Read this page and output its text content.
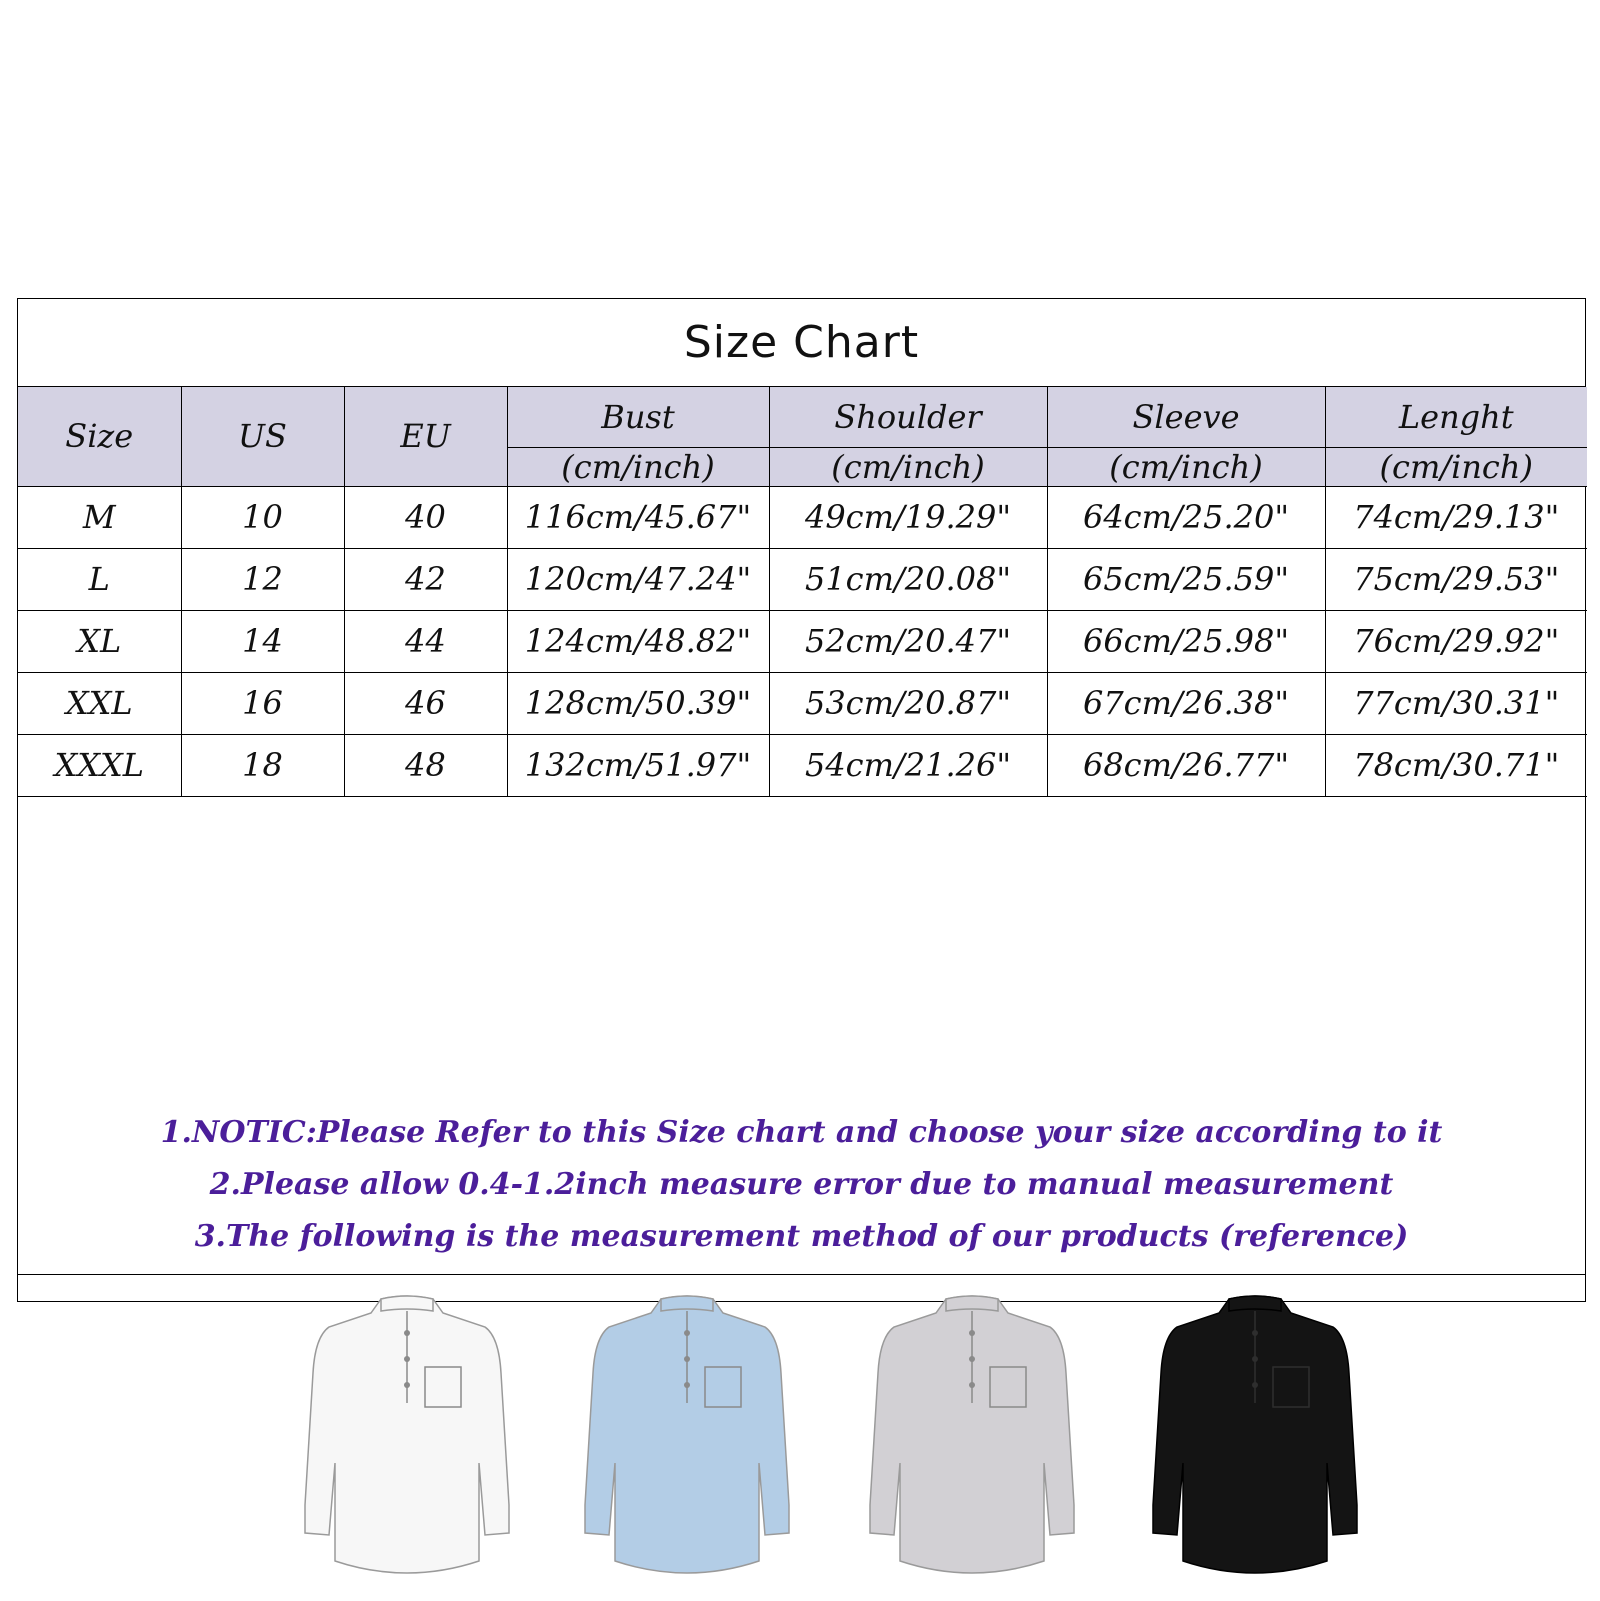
Size Chart
Size	US	EU	Bust	Shoulder	Sleeve	Lenght
			(cm/inch)	(cm/inch)	(cm/inch)	(cm/inch)
M	10	40	116cm/45.67"	49cm/19.29"	64cm/25.20"	74cm/29.13"
L	12	42	120cm/47.24"	51cm/20.08"	65cm/25.59"	75cm/29.53"
XL	14	44	124cm/48.82"	52cm/20.47"	66cm/25.98"	76cm/29.92"
XXL	16	46	128cm/50.39"	53cm/20.87"	67cm/26.38"	77cm/30.31"
XXXL	18	48	132cm/51.97"	54cm/21.26"	68cm/26.77"	78cm/30.71"
1.NOTIC:Please Refer to this Size chart and choose your size according to it
2.Please allow 0.4-1.2inch measure error due to manual measurement
3.The following is the measurement method of our products (reference)
